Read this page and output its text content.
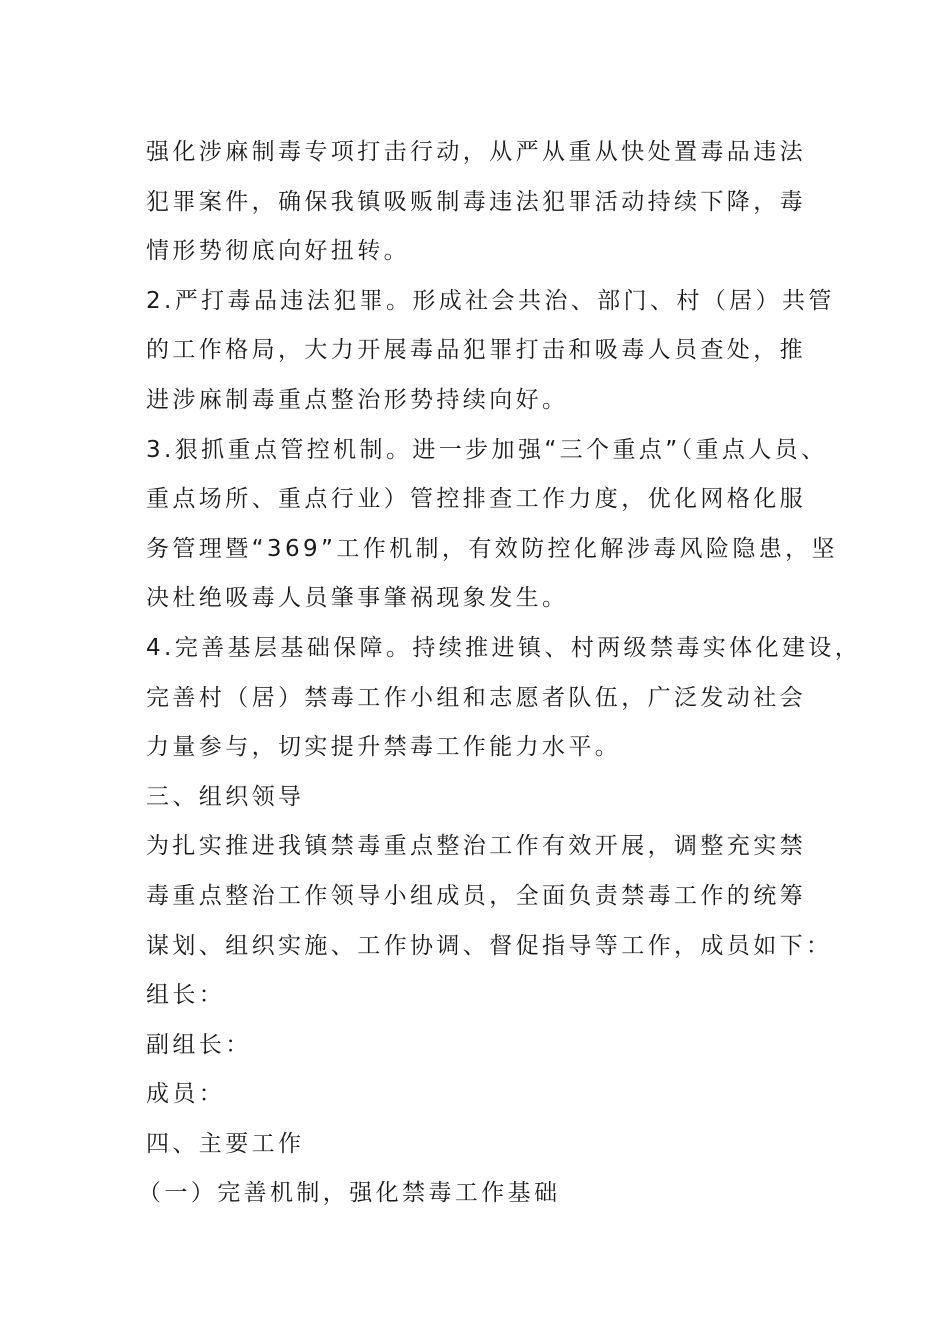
强化涉麻制毒专项打击行动，从严从重从快处置毒品违法
犯罪案件，确保我镇吸贩制毒违法犯罪活动持续下降，毒
情形势彻底向好扭转。
2.严打毒品违法犯罪。形成社会共治、部门、村（居）共管
的工作格局，大力开展毒品犯罪打击和吸毒人员查处，推
进涉麻制毒重点整治形势持续向好。
3.狠抓重点管控机制。进一步加强“三个重点”（重点人员、
重点场所、重点行业）管控排查工作力度，优化网格化服
务管理暨“369”工作机制，有效防控化解涉毒风险隐患，坚
决杜绝吸毒人员肇事肇祸现象发生。
4.完善基层基础保障。持续推进镇、村两级禁毒实体化建设，
完善村（居）禁毒工作小组和志愿者队伍，广泛发动社会
力量参与，切实提升禁毒工作能力水平。
三、组织领导
为扎实推进我镇禁毒重点整治工作有效开展，调整充实禁
毒重点整治工作领导小组成员，全面负责禁毒工作的统筹
谋划、组织实施、工作协调、督促指导等工作，成员如下：
组长：
副组长：
成员：
四、主要工作
（一）完善机制，强化禁毒工作基础
